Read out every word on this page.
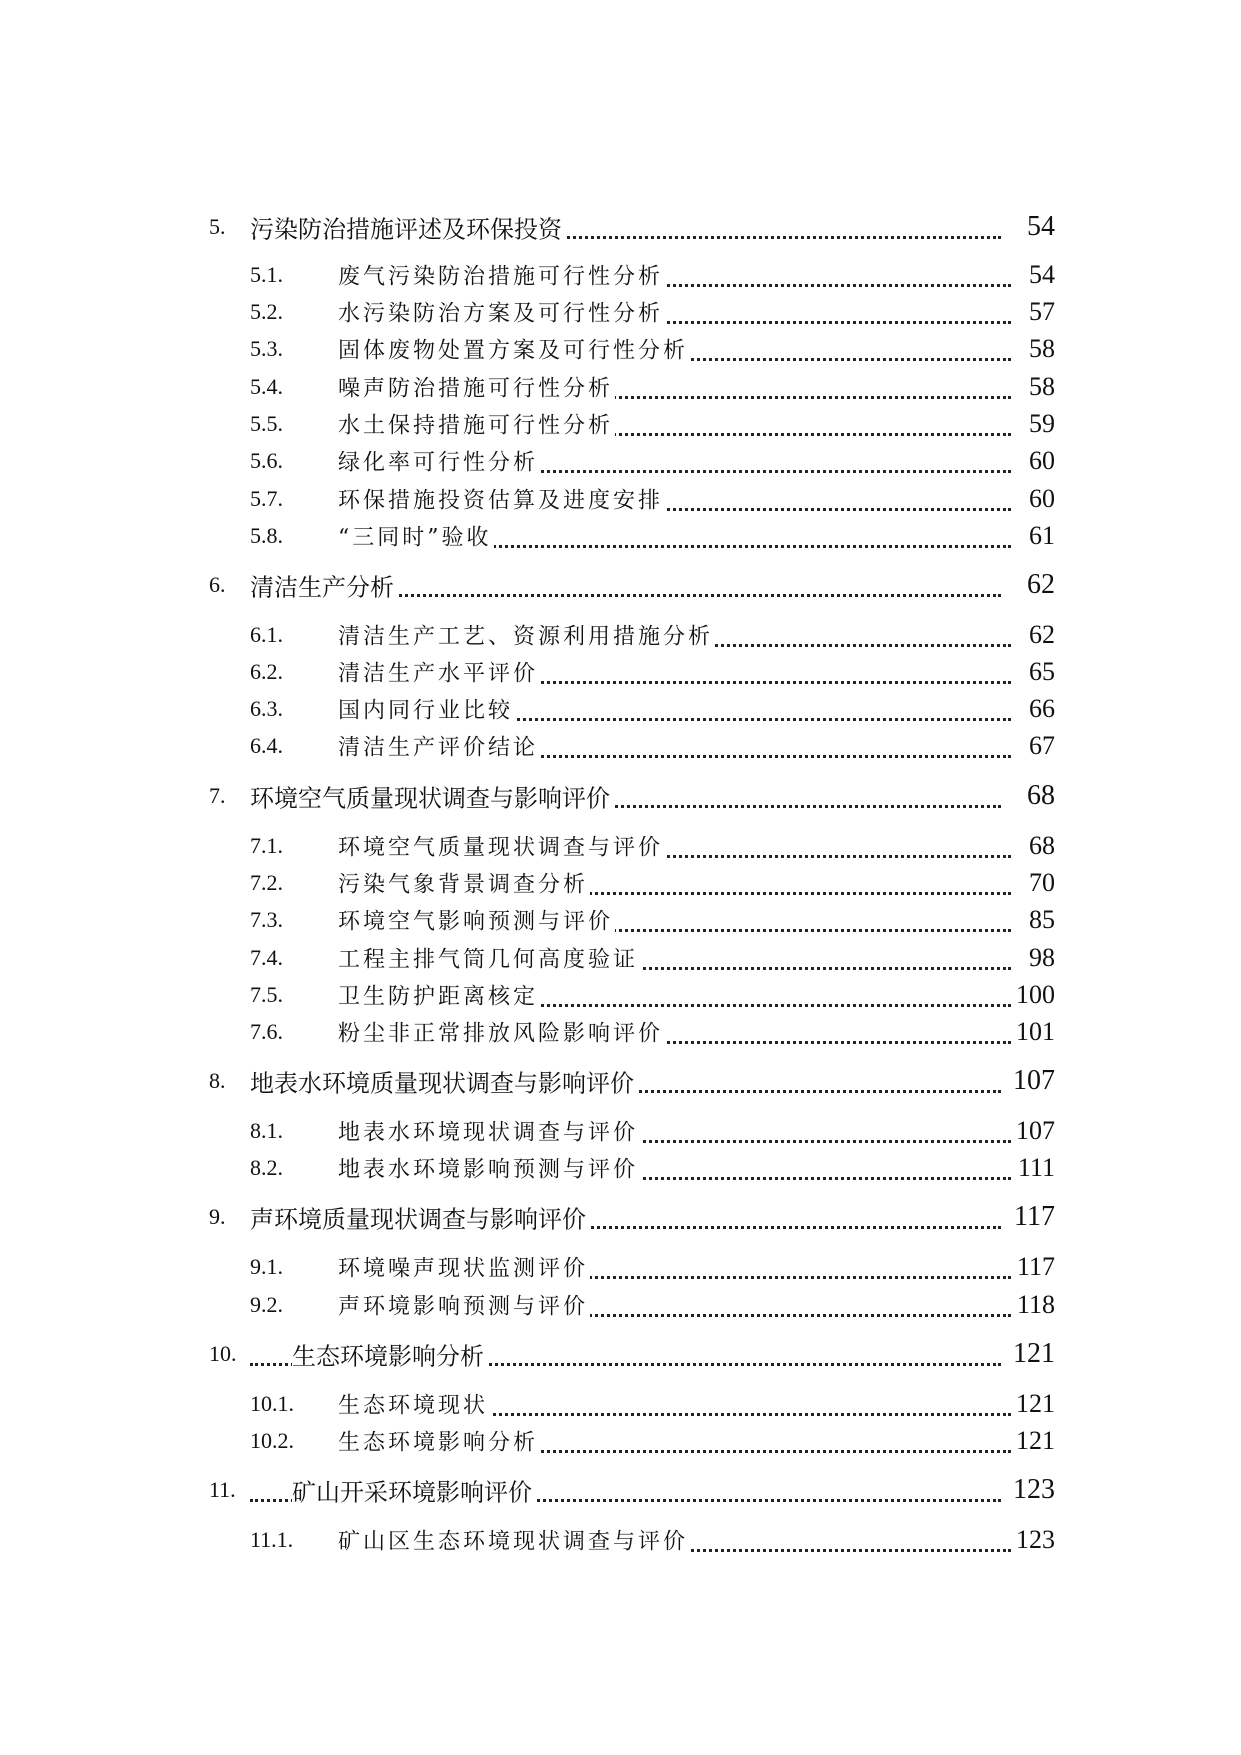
5. 污染防治措施评述及环保投资	54
5.1.	废气污染防治措施可行性分析	54
5.2.	水污染防治方案及可行性分析	57
5.3.	固体废物处置方案及可行性分析	58
5.4.	噪声防治措施可行性分析	58
5.5.	水土保持措施可行性分析	59
5.6.	绿化率可行性分析	60
5.7.	环保措施投资估算及进度安排	60
5.8.	“三同时”验收	61
6. 清洁生产分析	62
6.1.	清洁生产工艺、资源利用措施分析	62
6.2.	清洁生产水平评价	65
6.3.	国内同行业比较	66
6.4.	清洁生产评价结论	67
7. 环境空气质量现状调查与影响评价	68
7.1.	环境空气质量现状调查与评价	68
7.2.	污染气象背景调查分析	70
7.3.	环境空气影响预测与评价	85
7.4.	工程主排气筒几何高度验证	98
7.5.	卫生防护距离核定	100
7.6.	粉尘非正常排放风险影响评价	101
8. 地表水环境质量现状调查与影响评价	107
8.1.	地表水环境现状调查与评价	107
8.2.	地表水环境影响预测与评价	111
9. 声环境质量现状调查与影响评价	117
9.1.	环境噪声现状监测评价	117
9.2.	声环境影响预测与评价	118
10. 生态环境影响分析	121
10.1. 生态环境现状	121
10.2. 生态环境影响分析	121
11. 矿山开采环境影响评价	123
11.1. 矿山区生态环境现状调查与评价	123
